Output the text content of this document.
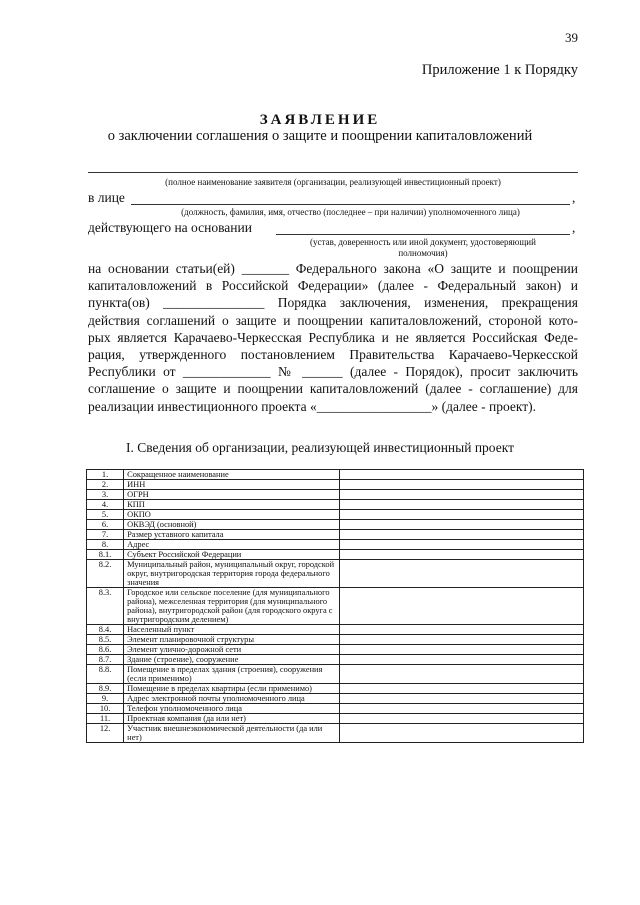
39
Приложение 1 к Порядку
ЗАЯВЛЕНИЕ
о заключении соглашения о защите и поощрении капиталовложений
(полное наименование заявителя (организации, реализующей инвестиционный проект)
в лице	,
(должность, фамилия, имя, отчество (последнее – при наличии) уполномоченного лица)
действующего на основании	,
(устав, доверенность или иной документ, удостоверяющий
полномочия)
на основании статьи(ей) _______ Федерального закона «О защите и поощрении
капиталовложений в Российской Федерации» (далее - Федеральный закон) и
пункта(ов) _______________ Порядка заключения, изменения, прекращения
действия соглашений о защите и поощрении капиталовложений, стороной кото-
рых является Карачаево-Черкесская Республика и не является Российская Феде-
рация, утвержденного постановлением Правительства Карачаево-Черкесской
Республики от _____________ № ______ (далее - Порядок), просит заключить
соглашение о защите и поощрении капиталовложений (далее - соглашение) для
реализации инвестиционного проекта «_________________» (далее - проект).
I. Сведения об организации, реализующей инвестиционный проект
1.	Сокращенное наименование	
2.	ИНН	
3.	ОГРН	
4.	КПП	
5.	ОКПО	
6.	ОКВЭД (основной)	
7.	Размер уставного капитала	
8.	Адрес	
8.1.	Субъект Российской Федерации	
8.2.	Муниципальный район, муниципальный округ, городской округ, внутригородская территория города федерального значения	
8.3.	Городское или сельское поселение (для муниципального района), межселенная территория (для муниципального района), внутригородской район (для городского округа с внутригородским делением)	
8.4.	Населенный пункт	
8.5.	Элемент планировочной структуры	
8.6.	Элемент улично-дорожной сети	
8.7.	Здание (строение), сооружение	
8.8.	Помещение в пределах здания (строения), сооружения (если применимо)	
8.9.	Помещение в пределах квартиры (если применимо)	
9.	Адрес электронной почты уполномоченного лица	
10.	Телефон уполномоченного лица	
11.	Проектная компания (да или нет)	
12.	Участник внешнеэкономической деятельности (да или нет)	
